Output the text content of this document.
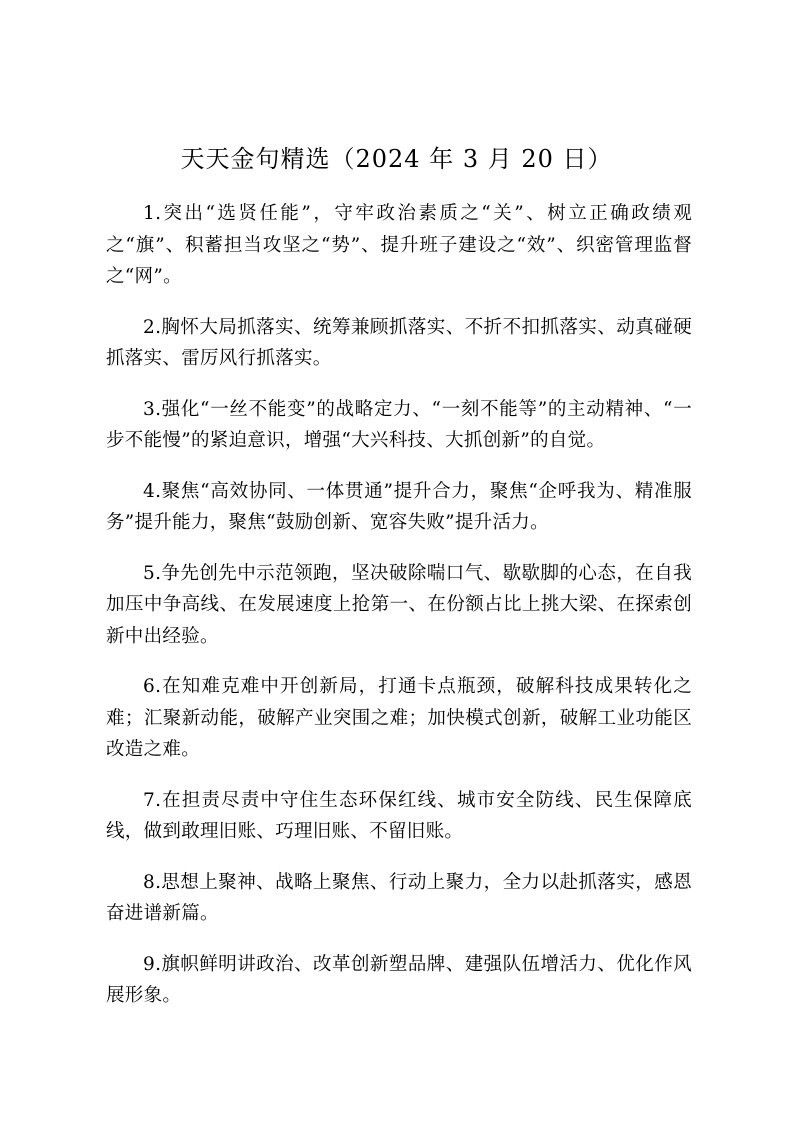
天天金句精选（2024 年 3 月 20 日）

1.突出“选贤任能”，守牢政治素质之“关”、树立正确政绩观之“旗”、积蓄担当攻坚之“势”、提升班子建设之“效”、织密管理监督之“网”。

2.胸怀大局抓落实、统筹兼顾抓落实、不折不扣抓落实、动真碰硬抓落实、雷厉风行抓落实。

3.强化“一丝不能变”的战略定力、“一刻不能等”的主动精神、“一步不能慢”的紧迫意识，增强“大兴科技、大抓创新”的自觉。

4.聚焦“高效协同、一体贯通”提升合力，聚焦“企呼我为、精准服务”提升能力，聚焦“鼓励创新、宽容失败”提升活力。

5.争先创先中示范领跑，坚决破除喘口气、歇歇脚的心态，在自我加压中争高线、在发展速度上抢第一、在份额占比上挑大梁、在探索创新中出经验。

6.在知难克难中开创新局，打通卡点瓶颈，破解科技成果转化之难；汇聚新动能，破解产业突围之难；加快模式创新，破解工业功能区改造之难。

7.在担责尽责中守住生态环保红线、城市安全防线、民生保障底线，做到敢理旧账、巧理旧账、不留旧账。

8.思想上聚神、战略上聚焦、行动上聚力，全力以赴抓落实，感恩奋进谱新篇。

9.旗帜鲜明讲政治、改革创新塑品牌、建强队伍增活力、优化作风展形象。
